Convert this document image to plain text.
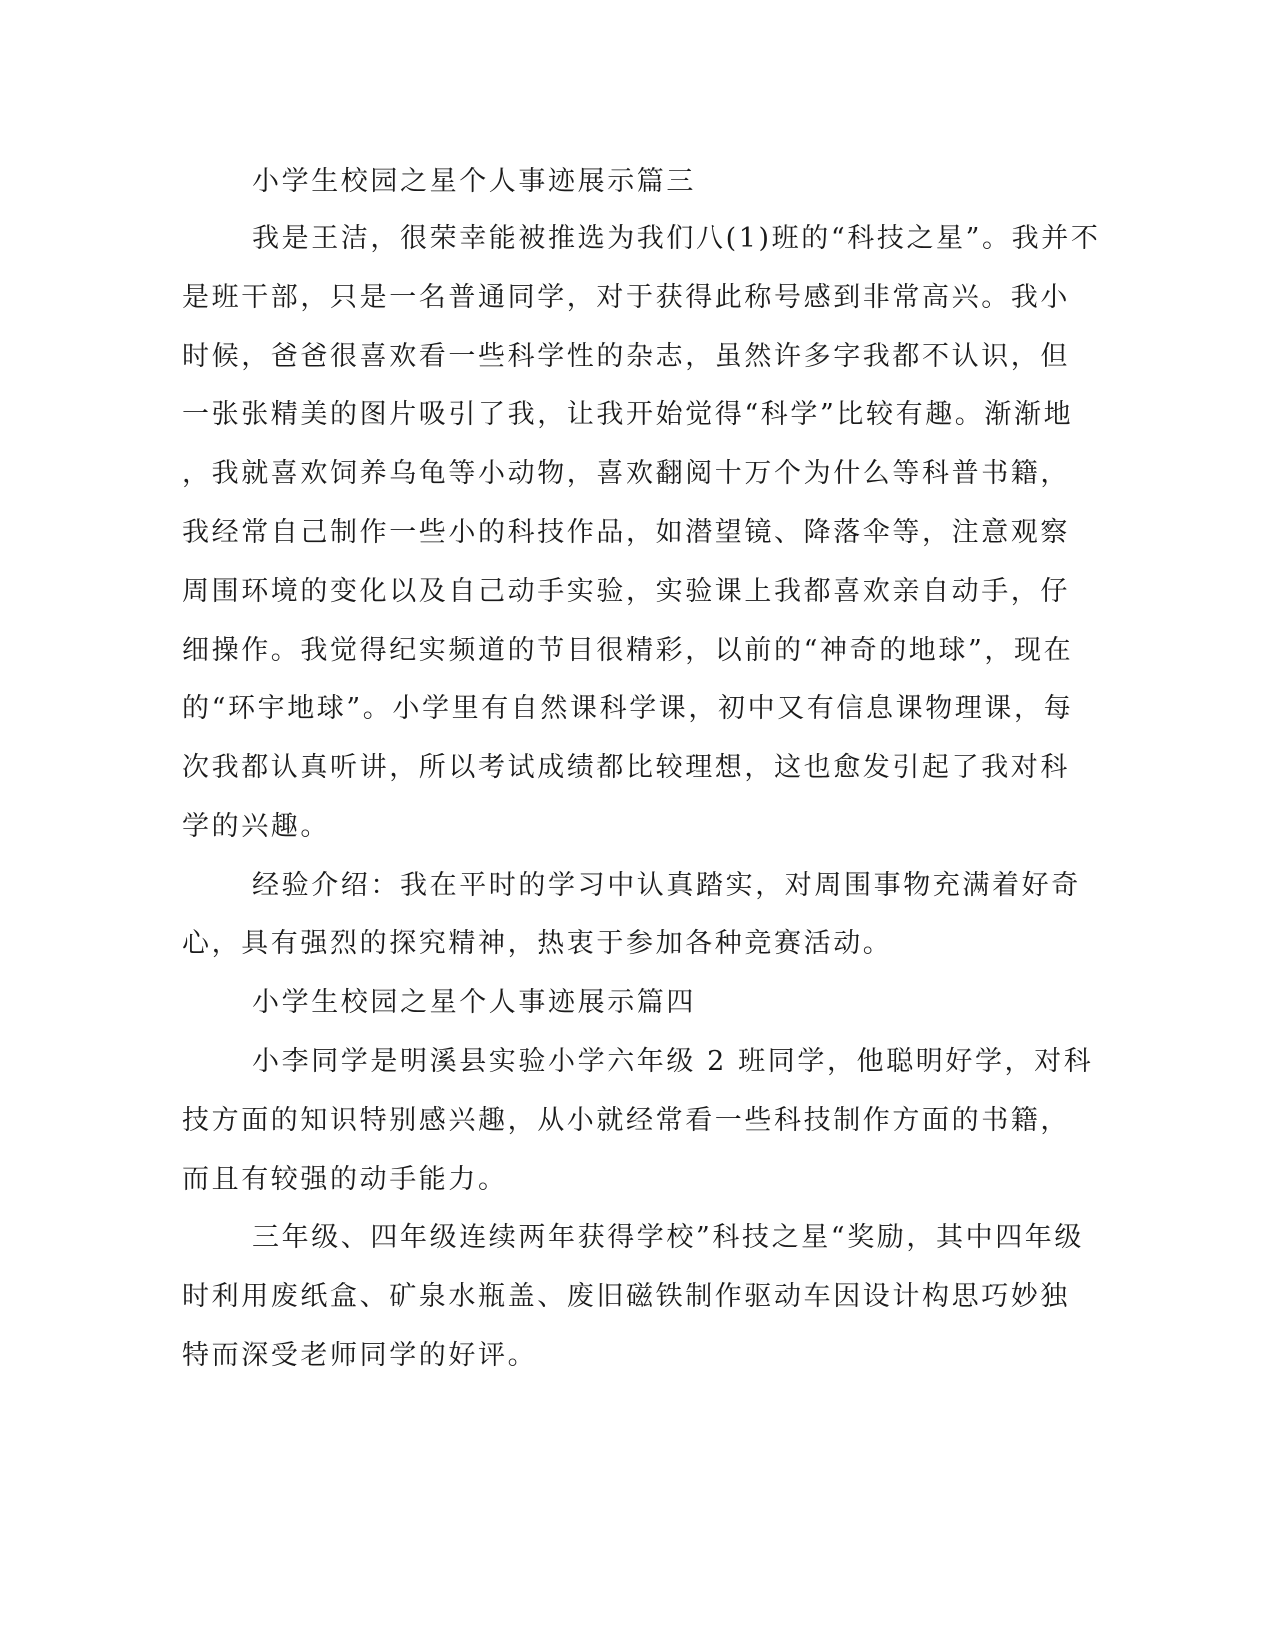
小学生校园之星个人事迹展示篇三
我是王洁，很荣幸能被推选为我们八(1)班的“科技之星”。我并不
是班干部，只是一名普通同学，对于获得此称号感到非常高兴。我小
时候，爸爸很喜欢看一些科学性的杂志，虽然许多字我都不认识，但
一张张精美的图片吸引了我，让我开始觉得“科学”比较有趣。渐渐地
，我就喜欢饲养乌龟等小动物，喜欢翻阅十万个为什么等科普书籍，
我经常自己制作一些小的科技作品，如潜望镜、降落伞等，注意观察
周围环境的变化以及自己动手实验，实验课上我都喜欢亲自动手，仔
细操作。我觉得纪实频道的节目很精彩，以前的“神奇的地球”，现在
的“环宇地球”。小学里有自然课科学课，初中又有信息课物理课，每
次我都认真听讲，所以考试成绩都比较理想，这也愈发引起了我对科
学的兴趣。
经验介绍：我在平时的学习中认真踏实，对周围事物充满着好奇
心，具有强烈的探究精神，热衷于参加各种竞赛活动。
小学生校园之星个人事迹展示篇四
小李同学是明溪县实验小学六年级 2 班同学，他聪明好学，对科
技方面的知识特别感兴趣，从小就经常看一些科技制作方面的书籍，
而且有较强的动手能力。
三年级、四年级连续两年获得学校”科技之星“奖励，其中四年级
时利用废纸盒、矿泉水瓶盖、废旧磁铁制作驱动车因设计构思巧妙独
特而深受老师同学的好评。
